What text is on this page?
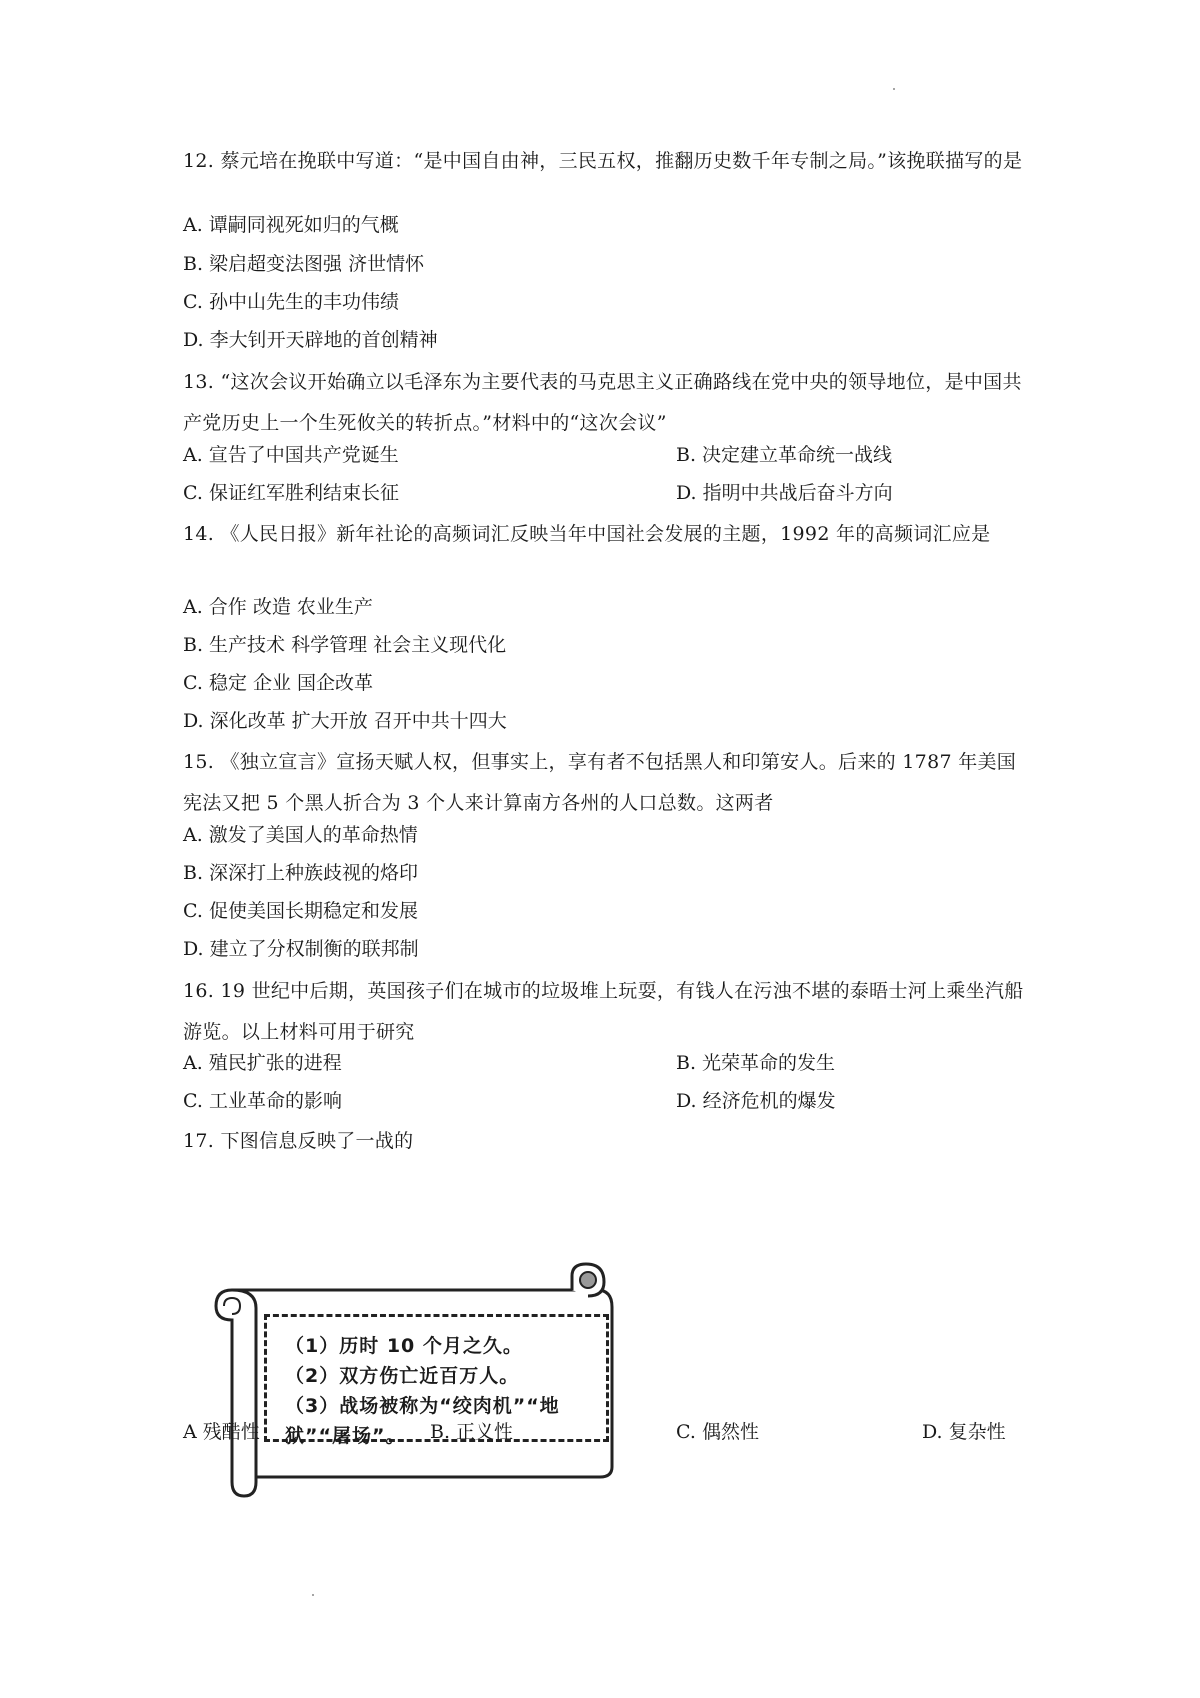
12. 蔡元培在挽联中写道：“是中国自由神，三民五权，推翻历史数千年专制之局。”该挽联描写的是
A. 谭嗣同视死如归的气概
B. 梁启超变法图强 济世情怀
C. 孙中山先生的丰功伟绩
D. 李大钊开天辟地的首创精神
13. “这次会议开始确立以毛泽东为主要代表的马克思主义正确路线在党中央的领导地位，是中国共产党历史上一个生死攸关的转折点。”材料中的“这次会议”
A. 宣告了中国共产党诞生	B. 决定建立革命统一战线
C. 保证红军胜利结束长征	D. 指明中共战后奋斗方向
14. 《人民日报》新年社论的高频词汇反映当年中国社会发展的主题，1992 年的高频词汇应是
A. 合作 改造 农业生产
B. 生产技术 科学管理 社会主义现代化
C. 稳定 企业 国企改革
D. 深化改革 扩大开放 召开中共十四大
15. 《独立宣言》宣扬天赋人权，但事实上，享有者不包括黑人和印第安人。后来的 1787 年美国宪法又把 5 个黑人折合为 3 个人来计算南方各州的人口总数。这两者
A. 激发了美国人的革命热情
B. 深深打上种族歧视的烙印
C. 促使美国长期稳定和发展
D. 建立了分权制衡的联邦制
16. 19 世纪中后期，英国孩子们在城市的垃圾堆上玩耍，有钱人在污浊不堪的泰晤士河上乘坐汽船游览。以上材料可用于研究
A. 殖民扩张的进程	B. 光荣革命的发生
C. 工业革命的影响	D. 经济危机的爆发
17. 下图信息反映了一战的
（1）历时 10 个月之久。
（2）双方伤亡近百万人。
（3）战场被称为“绞肉机”“地狱”“屠场”。
A 残酷性	B. 正义性	C. 偶然性	D. 复杂性
